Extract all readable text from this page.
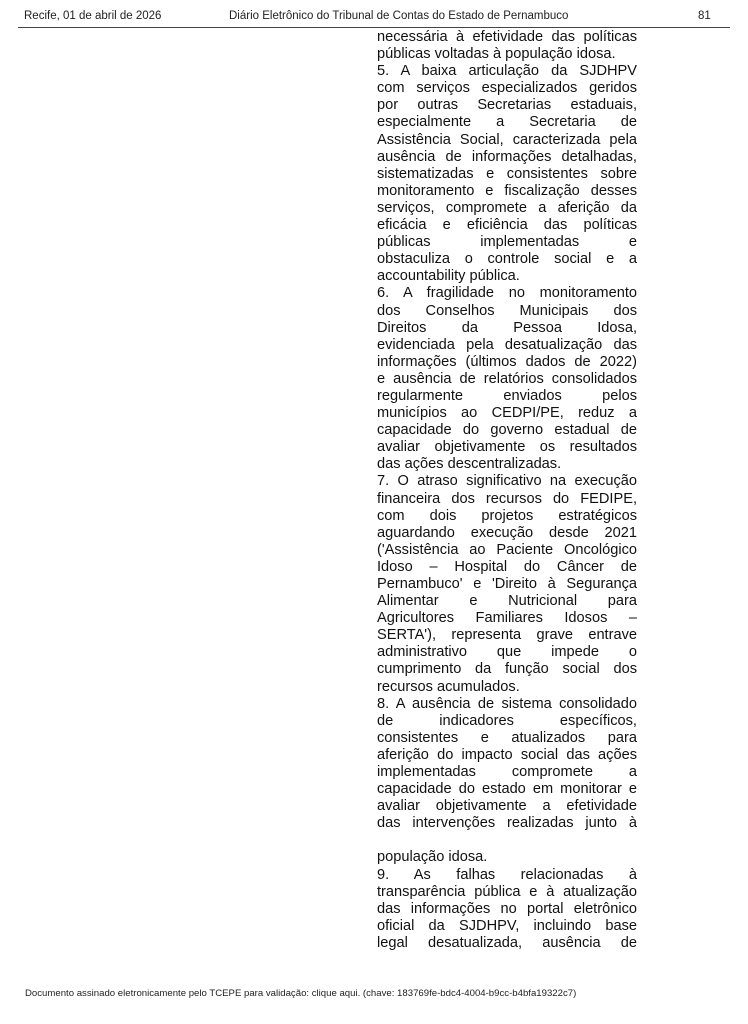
Recife, 01 de abril de 2026	Diário Eletrônico do Tribunal de Contas do Estado de Pernambuco	81
necessária à efetividade das políticas
públicas voltadas à população idosa.
5. A baixa articulação da SJDHPV
com serviços especializados geridos
por outras Secretarias estaduais,
especialmente a Secretaria de
Assistência Social, caracterizada pela
ausência de informações detalhadas,
sistematizadas e consistentes sobre
monitoramento e fiscalização desses
serviços, compromete a aferição da
eficácia e eficiência das políticas
públicas implementadas e
obstaculiza o controle social e a
accountability pública.
6. A fragilidade no monitoramento
dos Conselhos Municipais dos
Direitos da Pessoa Idosa,
evidenciada pela desatualização das
informações (últimos dados de 2022)
e ausência de relatórios consolidados
regularmente enviados pelos
municípios ao CEDPI/PE, reduz a
capacidade do governo estadual de
avaliar objetivamente os resultados
das ações descentralizadas.
7. O atraso significativo na execução
financeira dos recursos do FEDIPE,
com dois projetos estratégicos
aguardando execução desde 2021
('Assistência ao Paciente Oncológico
Idoso – Hospital do Câncer de
Pernambuco' e 'Direito à Segurança
Alimentar e Nutricional para
Agricultores Familiares Idosos –
SERTA'), representa grave entrave
administrativo que impede o
cumprimento da função social dos
recursos acumulados.
8. A ausência de sistema consolidado
de indicadores específicos,
consistentes e atualizados para
aferição do impacto social das ações
implementadas compromete a
capacidade do estado em monitorar e
avaliar objetivamente a efetividade
das intervenções realizadas junto à
população idosa.
9. As falhas relacionadas à
transparência pública e à atualização
das informações no portal eletrônico
oficial da SJDHPV, incluindo base
legal desatualizada, ausência de
Documento assinado eletronicamente pelo TCEPE para validação: clique aqui. (chave: 183769fe-bdc4-4004-b9cc-b4bfa19322c7)
